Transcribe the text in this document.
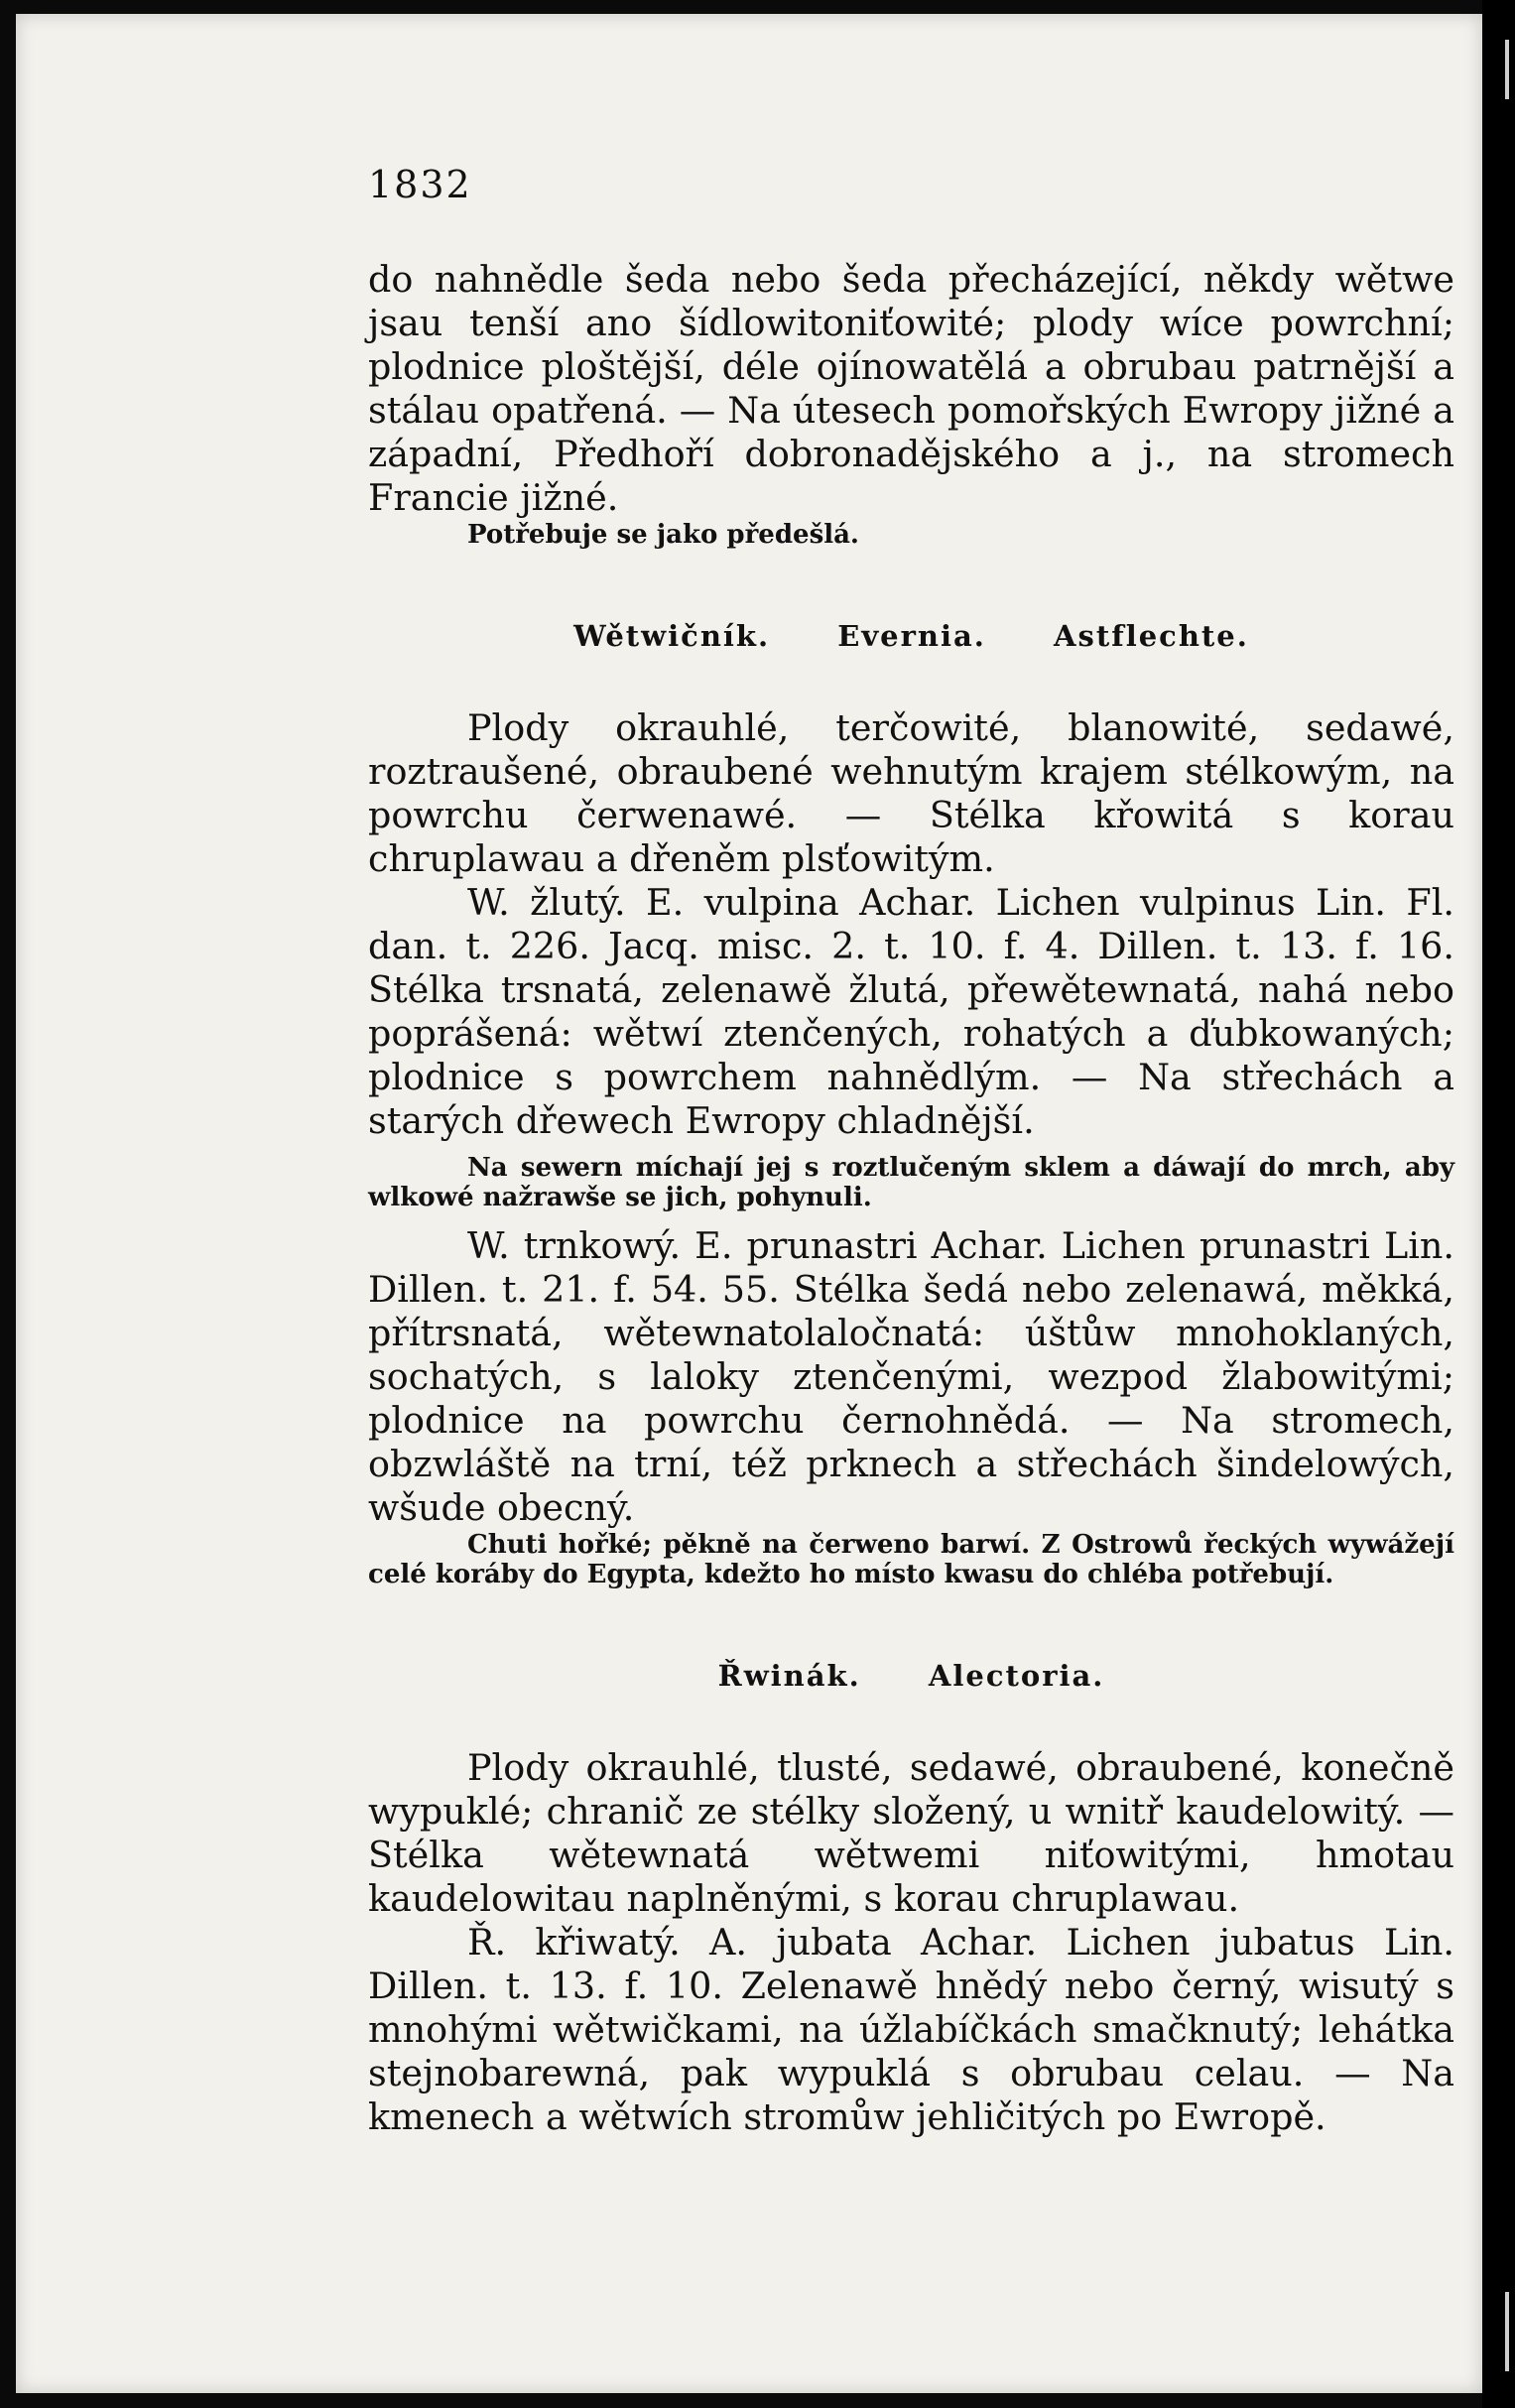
1832

do nahnědle šeda nebo šeda přecházející, někdy wětwe jsau tenší ano šídlowitoniťowité; plody wíce powrchní; plodnice ploštější, déle ojínowatělá a obrubau patrnější a stálau opatřená. — Na útesech pomořských Ewropy jižné a západní, Předhoří dobronadějského a j., na stromech Francie jižné.

Potřebuje se jako předešlá.

Wětwičník. Evernia. Astflechte.

Plody okrauhlé, terčowité, blanowité, sedawé, roztraušené, obraubené wehnutým krajem stélkowým, na powrchu čerwenawé. — Stélka křowitá s korau chruplawau a dřeněm plsťowitým.

W. žlutý. E. vulpina Achar. Lichen vulpinus Lin. Fl. dan. t. 226. Jacq. misc. 2. t. 10. f. 4. Dillen. t. 13. f. 16. Stélka trsnatá, zelenawě žlutá, přewětewnatá, nahá nebo poprášená: wětwí ztenčených, rohatých a ďubkowaných; plodnice s powrchem nahnědlým. — Na střechách a starých dřewech Ewropy chladnější.

Na sewern míchají jej s roztlučeným sklem a dáwají do mrch, aby wlkowé nažrawše se jich, pohynuli.

W. trnkowý. E. prunastri Achar. Lichen prunastri Lin. Dillen. t. 21. f. 54. 55. Stélka šedá nebo zelenawá, měkká, přítrsnatá, wětewnatolaločnatá: úštůw mnohoklaných, sochatých, s laloky ztenčenými, wezpod žlabowitými; plodnice na powrchu černohnědá. — Na stromech, obzwláště na trní, též prknech a střechách šindelowých, wšude obecný.

Chuti hořké; pěkně na čerweno barwí. Z Ostrowů řeckých wywážejí celé koráby do Egypta, kdežto ho místo kwasu do chléba potřebují.

Řwinák. Alectoria.

Plody okrauhlé, tlusté, sedawé, obraubené, konečně wypuklé; chranič ze stélky složený, u wnitř kaudelowitý. — Stélka wětewnatá wětwemi niťowitými, hmotau kaudelowitau naplněnými, s korau chruplawau.

Ř. křiwatý. A. jubata Achar. Lichen jubatus Lin. Dillen. t. 13. f. 10. Zelenawě hnědý nebo černý, wisutý s mnohými wětwičkami, na úžlabíčkách smačknutý; lehátka stejnobarewná, pak wypuklá s obrubau celau. — Na kmenech a wětwích stromůw jehličitých po Ewropě.
